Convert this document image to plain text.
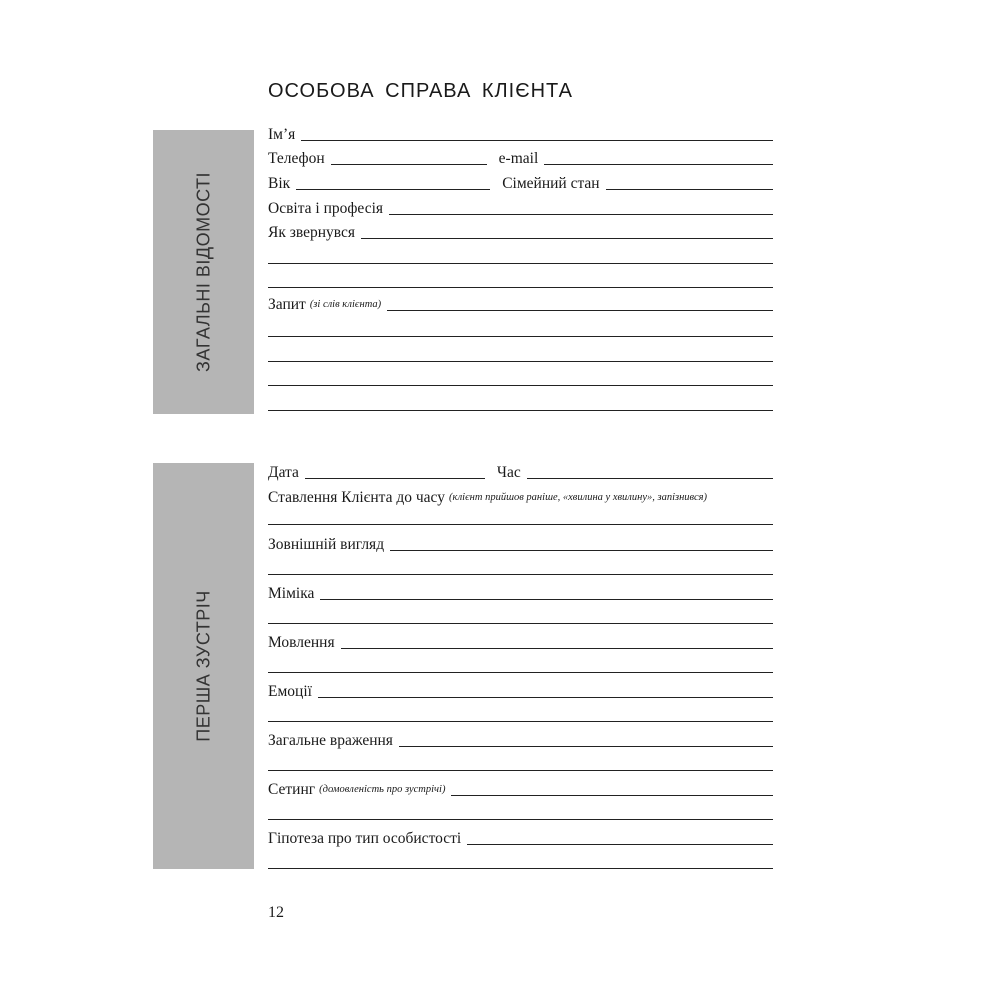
ОСОБОВА СПРАВА КЛІЄНТА
ЗАГАЛЬНІ ВІДОМОСТІ
Ім’я
Телефон	e-mail
Вік	Сімейний стан
Освіта і професія
Як звернувся
Запит (зі слів клієнта)
ПЕРША ЗУСТРІЧ
Дата	Час
Ставлення Клієнта до часу (клієнт прийшов раніше, «хвилина у хвилину», запізнився)
Зовнішній вигляд
Міміка
Мовлення
Емоції
Загальне враження
Сетинг (домовленість про зустрічі)
Гіпотеза про тип особистості
12
